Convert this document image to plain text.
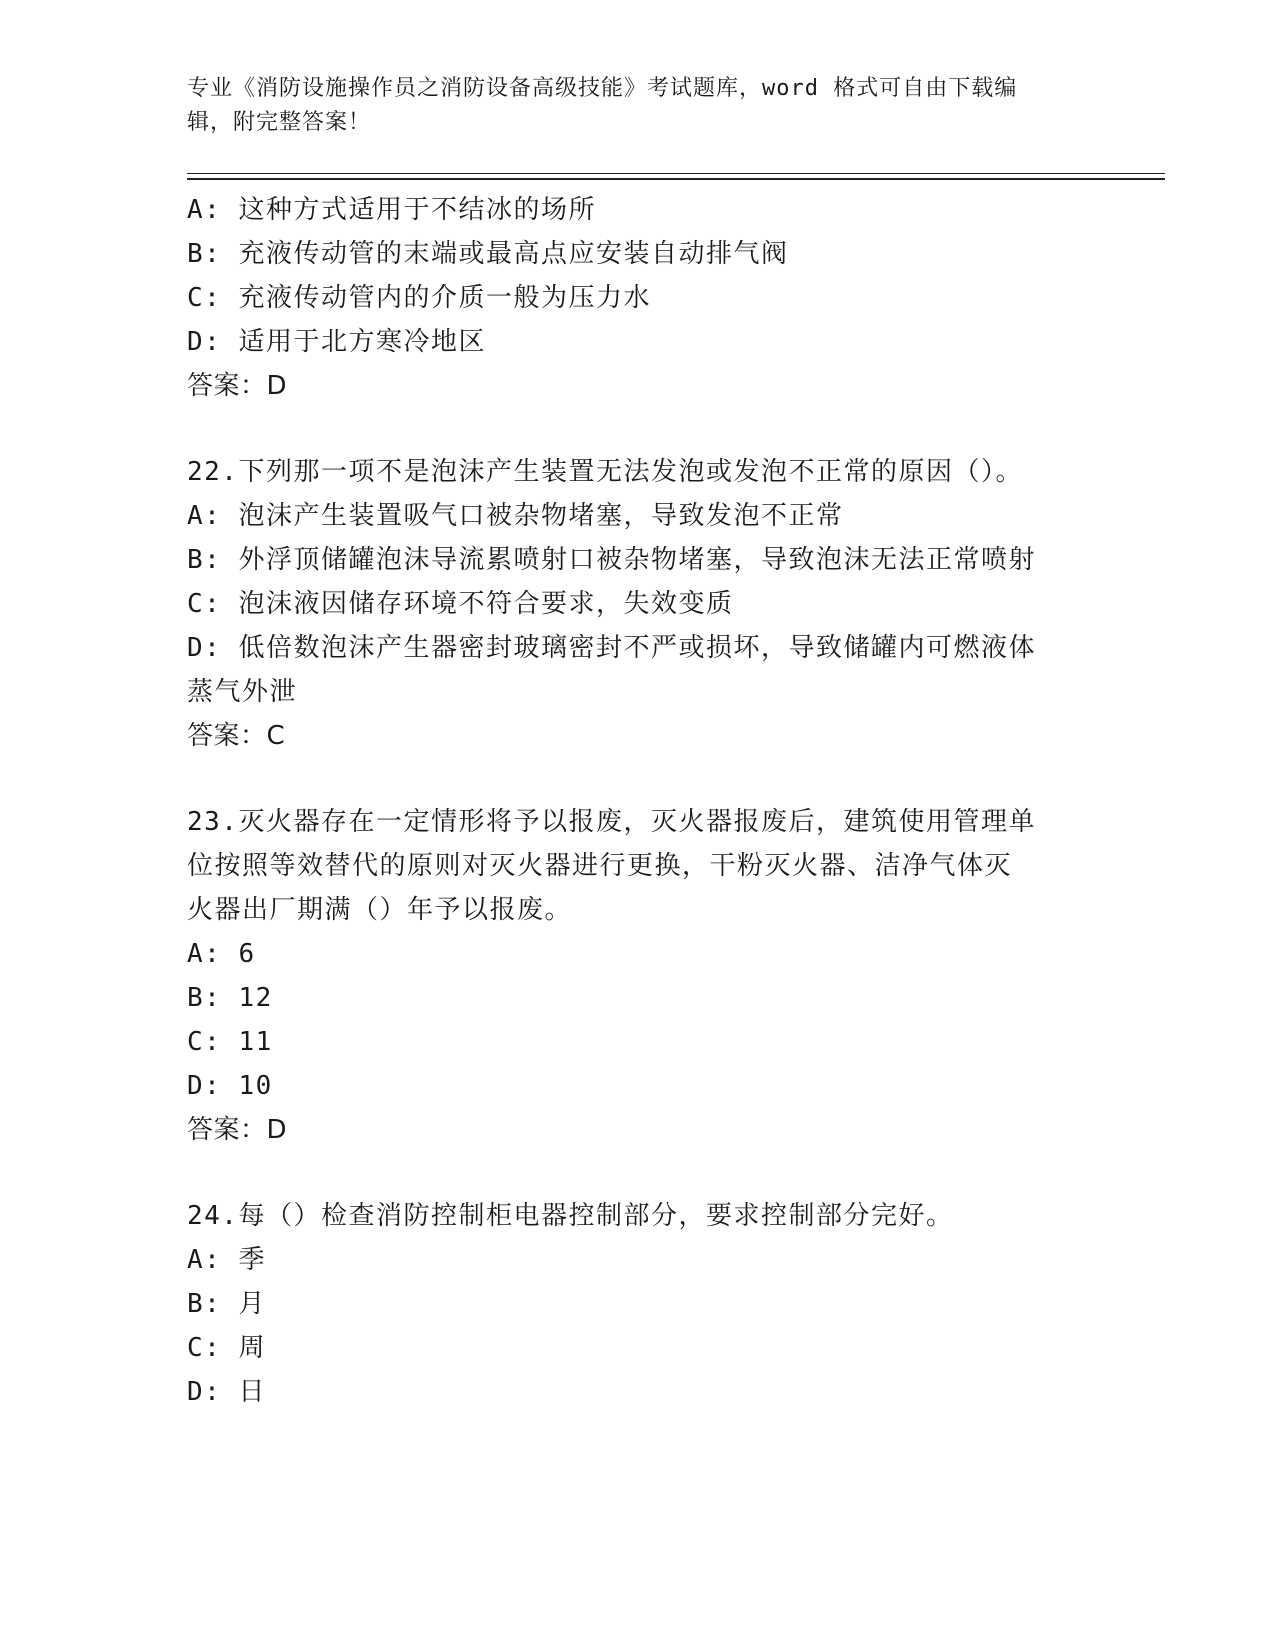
专业《消防设施操作员之消防设备高级技能》考试题库，word 格式可自由下载编
辑，附完整答案！
A: 这种方式适用于不结冰的场所
B: 充液传动管的末端或最高点应安装自动排气阀
C: 充液传动管内的介质一般为压力水
D: 适用于北方寒冷地区
答案：D
22.下列那一项不是泡沫产生装置无法发泡或发泡不正常的原因（）。
A: 泡沫产生装置吸气口被杂物堵塞，导致发泡不正常
B: 外浮顶储罐泡沫导流累喷射口被杂物堵塞，导致泡沫无法正常喷射
C: 泡沫液因储存环境不符合要求，失效变质
D: 低倍数泡沫产生器密封玻璃密封不严或损坏，导致储罐内可燃液体
蒸气外泄
答案：C
23.灭火器存在一定情形将予以报废，灭火器报废后，建筑使用管理单
位按照等效替代的原则对灭火器进行更换，干粉灭火器、洁净气体灭
火器出厂期满（）年予以报废。
A: 6
B: 12
C: 11
D: 10
答案：D
24.每（）检查消防控制柜电器控制部分，要求控制部分完好。
A: 季
B: 月
C: 周
D: 日
